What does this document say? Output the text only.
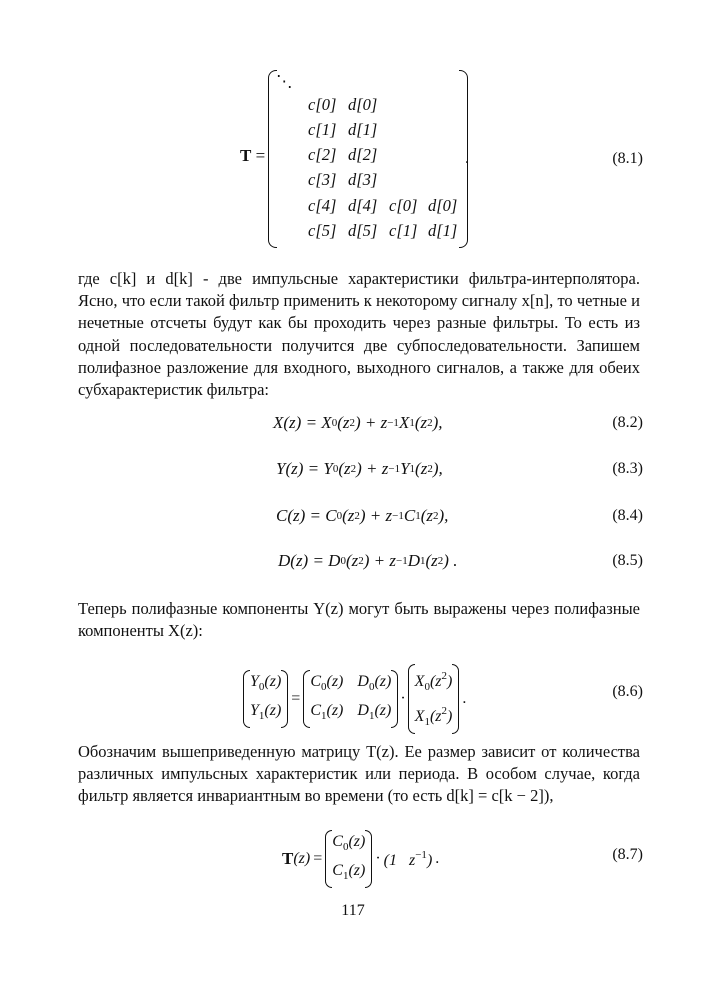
T =
⋱
c[0] d[0]
c[1] d[1]
c[2] d[2]
c[3] d[3]
c[4] d[4] c[0] d[0]
c[5] d[5] c[1] d[1]
.	(8.1)

где c[k] и d[k] - две импульсные характеристики фильтра-интерполятора.

Ясно, что если такой фильтр применить к некоторому сигналу x[n], то четные и нечетные отсчеты будут как бы проходить через разные фильтры. То есть из одной последовательности получится две субпоследовательности. Запишем полифазное разложение для входного, выходного сигналов, а также для обеих субхарактеристик фильтра:

X(z) = X 0 (z 2 ) + z −1 X 1 (z 2 ),	(8.2)
Y(z) = Y 0 (z 2 ) + z −1 Y 1 (z 2 ),	(8.3)
C(z) = C 0 (z 2 ) + z −1 C 1 (z 2 ),	(8.4)
D(z) = D 0 (z 2 ) + z −1 D 1 (z 2 ) .	(8.5)
Теперь полифазные компоненты Y(z) могут быть выражены через полифазные компоненты X(z):
$Y_0(z)$
$Y_1(z)$
=
$C_0(z)$ $D_0(z)$
$C_1(z)$ $D_1(z)$
·
$X_0(z^2)$
$X_1(z^2)$
.	(8.6)
Обозначим вышеприведенную матрицу T(z). Ее размер зависит от количества различных импульсных характеристик или периода. В особом случае, когда фильтр является инвариантным во времени (то есть d[k] = c[k − 2]),
T (z) =
$C_0(z)$
$C_1(z)$
· (1   $z^{-1}$) .	(8.7)
117
